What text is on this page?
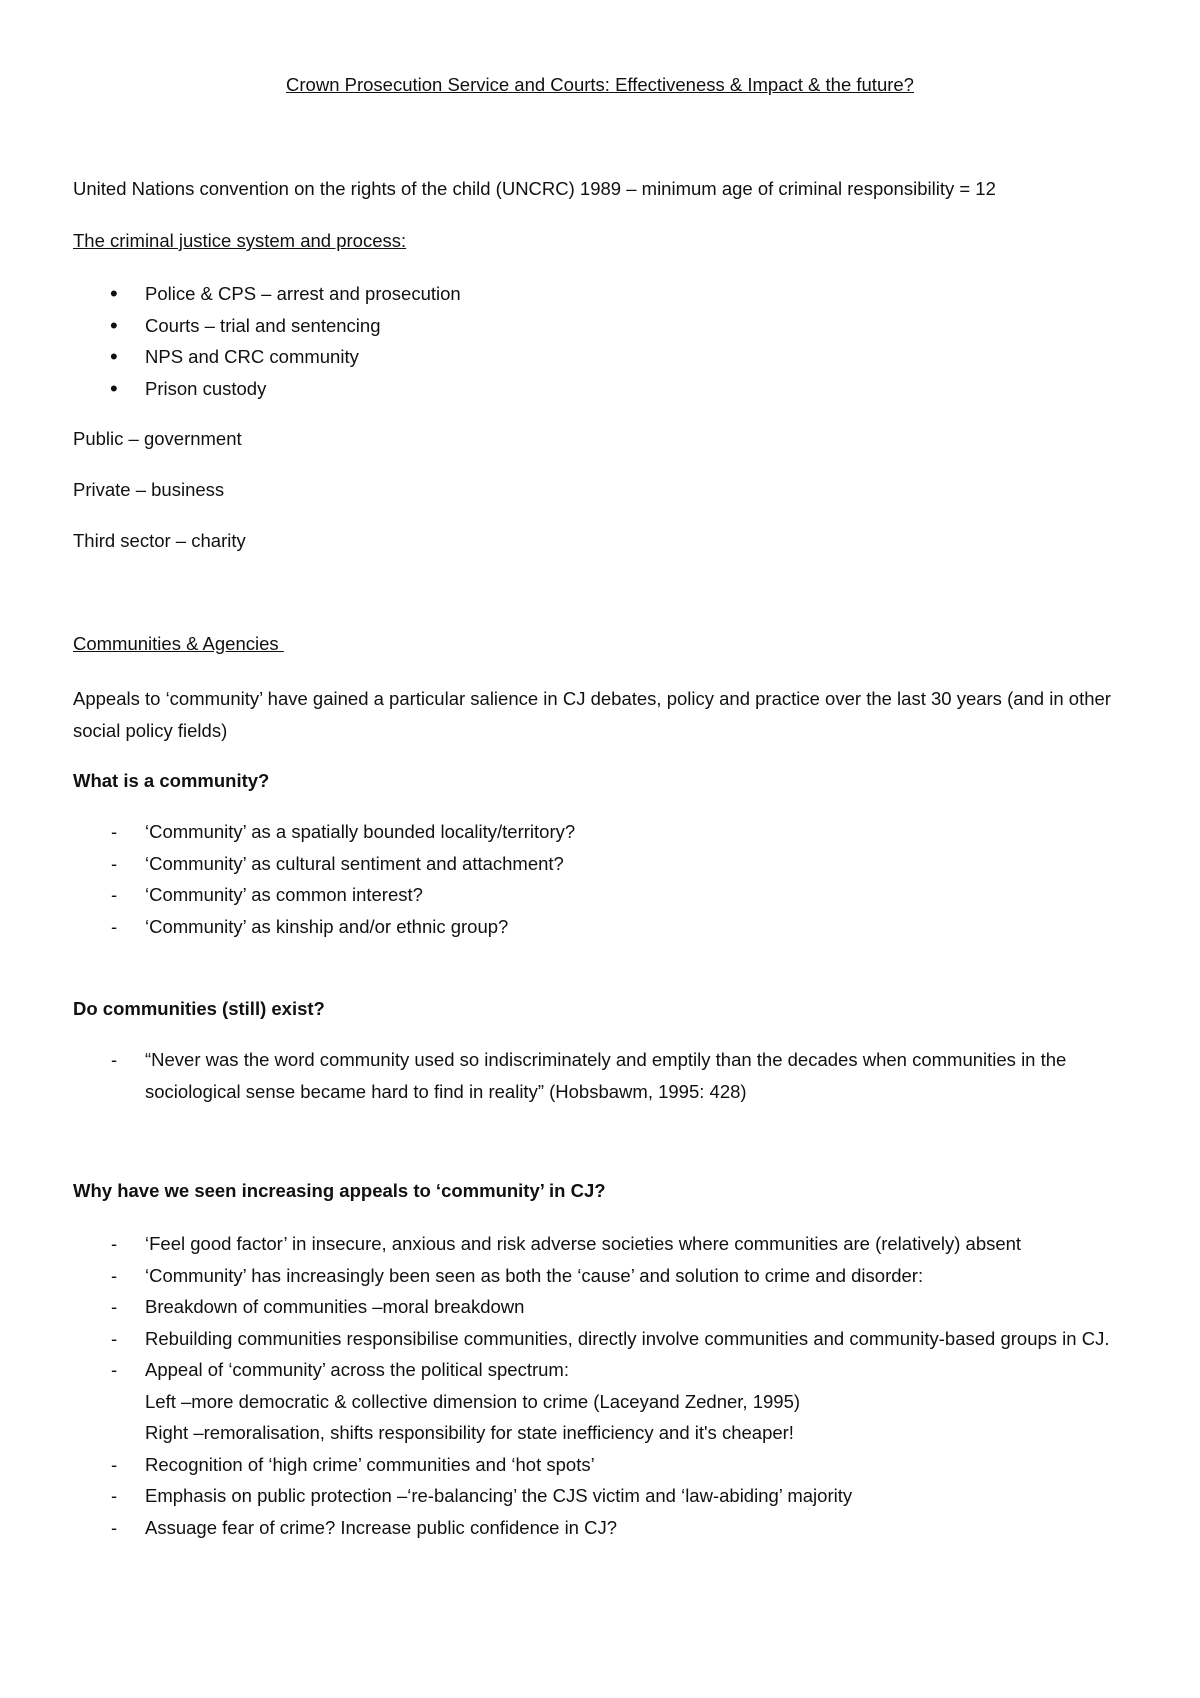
Crown Prosecution Service and Courts: Effectiveness & Impact & the future?

United Nations convention on the rights of the child (UNCRC) 1989 – minimum age of criminal responsibility = 12

The criminal justice system and process:

• Police & CPS – arrest and prosecution
• Courts – trial and sentencing
• NPS and CRC community
• Prison custody

Public – government

Private – business

Third sector – charity

Communities & Agencies

Appeals to ‘community’ have gained a particular salience in CJ debates, policy and practice over the last 30 years (and in other social policy fields)

What is a community?

- ‘Community’ as a spatially bounded locality/territory?
- ‘Community’ as cultural sentiment and attachment?
- ‘Community’ as common interest?
- ‘Community’ as kinship and/or ethnic group?

Do communities (still) exist?

- “Never was the word community used so indiscriminately and emptily than the decades when communities in the sociological sense became hard to find in reality” (Hobsbawm, 1995: 428)

Why have we seen increasing appeals to ‘community’ in CJ?

- ‘Feel good factor’ in insecure, anxious and risk adverse societies where communities are (relatively) absent
- ‘Community’ has increasingly been seen as both the ‘cause’ and solution to crime and disorder:
- Breakdown of communities –moral breakdown
- Rebuilding communities responsibilise communities, directly involve communities and community-based groups in CJ.
- Appeal of ‘community’ across the political spectrum:
Left –more democratic & collective dimension to crime (Laceyand Zedner, 1995)
Right –remoralisation, shifts responsibility for state inefficiency and it's cheaper!
- Recognition of ‘high crime’ communities and ‘hot spots’
- Emphasis on public protection –‘re-balancing’ the CJS victim and ‘law-abiding’ majority
- Assuage fear of crime? Increase public confidence in CJ?
